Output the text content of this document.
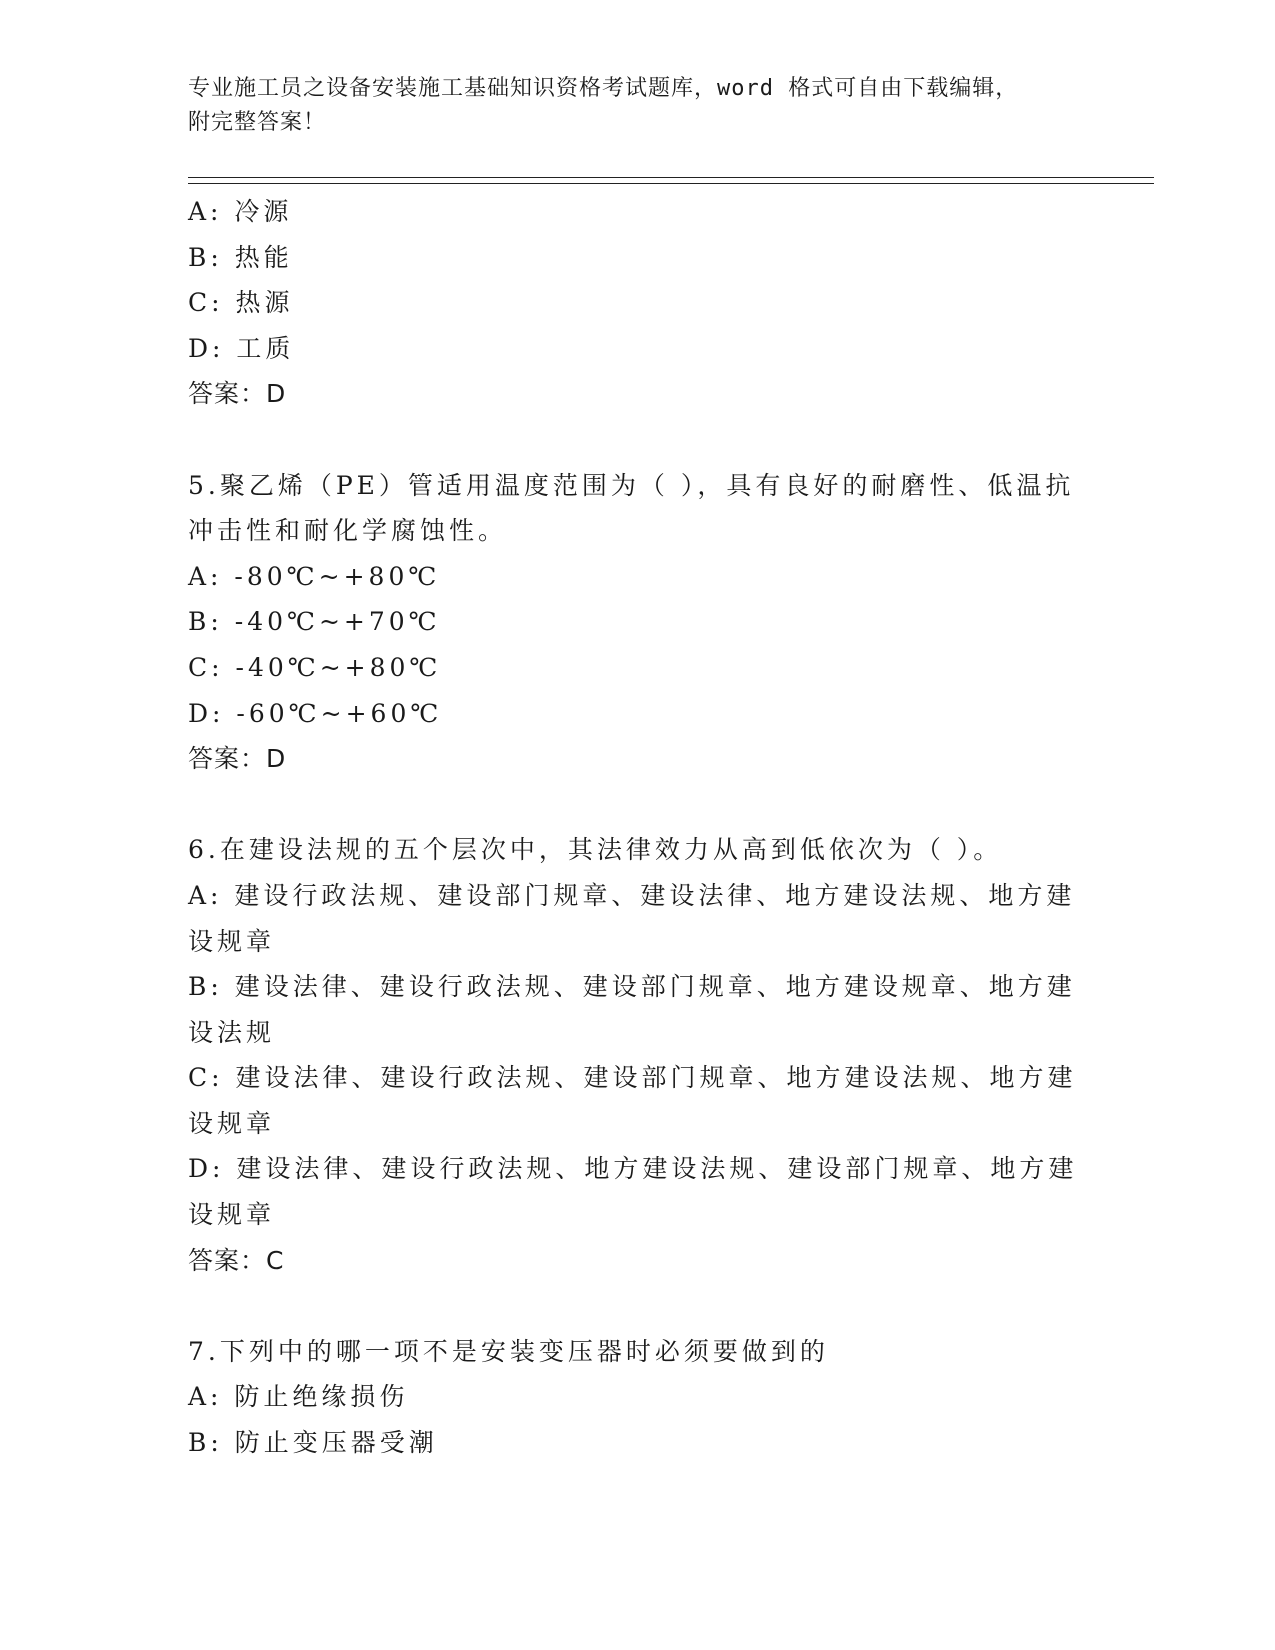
专业施工员之设备安装施工基础知识资格考试题库，word 格式可自由下载编辑，
附完整答案！
A: 冷源
B: 热能
C: 热源
D: 工质
答案：D
5.聚乙烯（PE）管适用温度范围为（ ），具有良好的耐磨性、低温抗
冲击性和耐化学腐蚀性。
A: -80℃~+80℃
B: -40℃~+70℃
C: -40℃~+80℃
D: -60℃~+60℃
答案：D
6.在建设法规的五个层次中，其法律效力从高到低依次为（ ）。
A: 建设行政法规、建设部门规章、建设法律、地方建设法规、地方建
设规章
B: 建设法律、建设行政法规、建设部门规章、地方建设规章、地方建
设法规
C: 建设法律、建设行政法规、建设部门规章、地方建设法规、地方建
设规章
D: 建设法律、建设行政法规、地方建设法规、建设部门规章、地方建
设规章
答案：C
7.下列中的哪一项不是安装变压器时必须要做到的
A: 防止绝缘损伤
B: 防止变压器受潮
